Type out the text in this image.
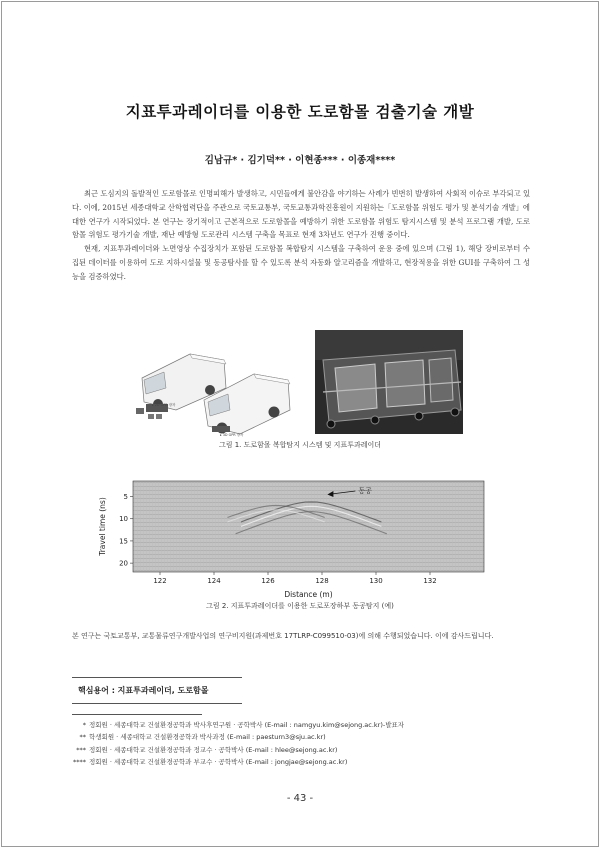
지표투과레이더를 이용한 도로함몰 검출기술 개발
김남규* · 김기덕** · 이현종*** · 이종재****

최근 도심지의 돌발적인 도로함몰로 인명피해가 발생하고, 시민들에게 불안감을 야기하는 사례가 빈번히 발생하여 사회적 이슈로 부각되고 있다. 이에, 2015년 세종대학교 산학협력단을 주관으로 국토교통부, 국토교통과학진흥원이 지원하는「도로함몰 위험도 평가 및 분석기술 개발」에 대한 연구가 시작되었다. 본 연구는 장기적이고 근본적으로 도로함몰을 예방하기 위한 도로함몰 위험도 탐지시스템 및 분석 프로그램 개발, 도로함몰 위험도 평가기술 개발, 재난 예방형 도로관리 시스템 구축을 목표로 현재 3차년도 연구가 진행 중이다.

현재, 지표투과레이더와 노면영상 수집장치가 포함된 도로함몰 복합탐지 시스템을 구축하여 운용 중에 있으며 (그림 1), 해당 장비로부터 수집된 데이터를 이용하여 도로 지하시설물 및 동공탐사를 할 수 있도록 분석 자동화 알고리즘을 개발하고, 현장적용을 위한 GUI를 구축하여 그 성능을 검증하였다.

▸ 2D GPR 장착
▸ 3D GPR 장착
그림 1. 도로함몰 복합탐지 시스템 및 지표투과레이더
122	124	126	128	130	132
5
10
15
20
동공
Distance (m)
Travel time (ns)
그림 2. 지표투과레이더를 이용한 도로포장하부 동공탐지 (예)
본 연구는 국토교통부, 교통물류연구개발사업의 연구비지원(과제번호 17TLRP-C099510-03)에 의해 수행되었습니다. 이에 감사드립니다.
핵심용어 : 지표투과레이더, 도로함몰
* 정회원 · 세종대학교 건설환경공학과 박사후연구원 · 공학박사 (E-mail : namgyu.kim@sejong.ac.kr)-발표자
** 학생회원 · 세종대학교 건설환경공학과 박사과정 (E-mail : paesturn3@sju.ac.kr)
*** 정회원 · 세종대학교 건설환경공학과 정교수 · 공학박사 (E-mail : hlee@sejong.ac.kr)
**** 정회원 · 세종대학교 건설환경공학과 부교수 · 공학박사 (E-mail : jongjae@sejong.ac.kr)
- 43 -
